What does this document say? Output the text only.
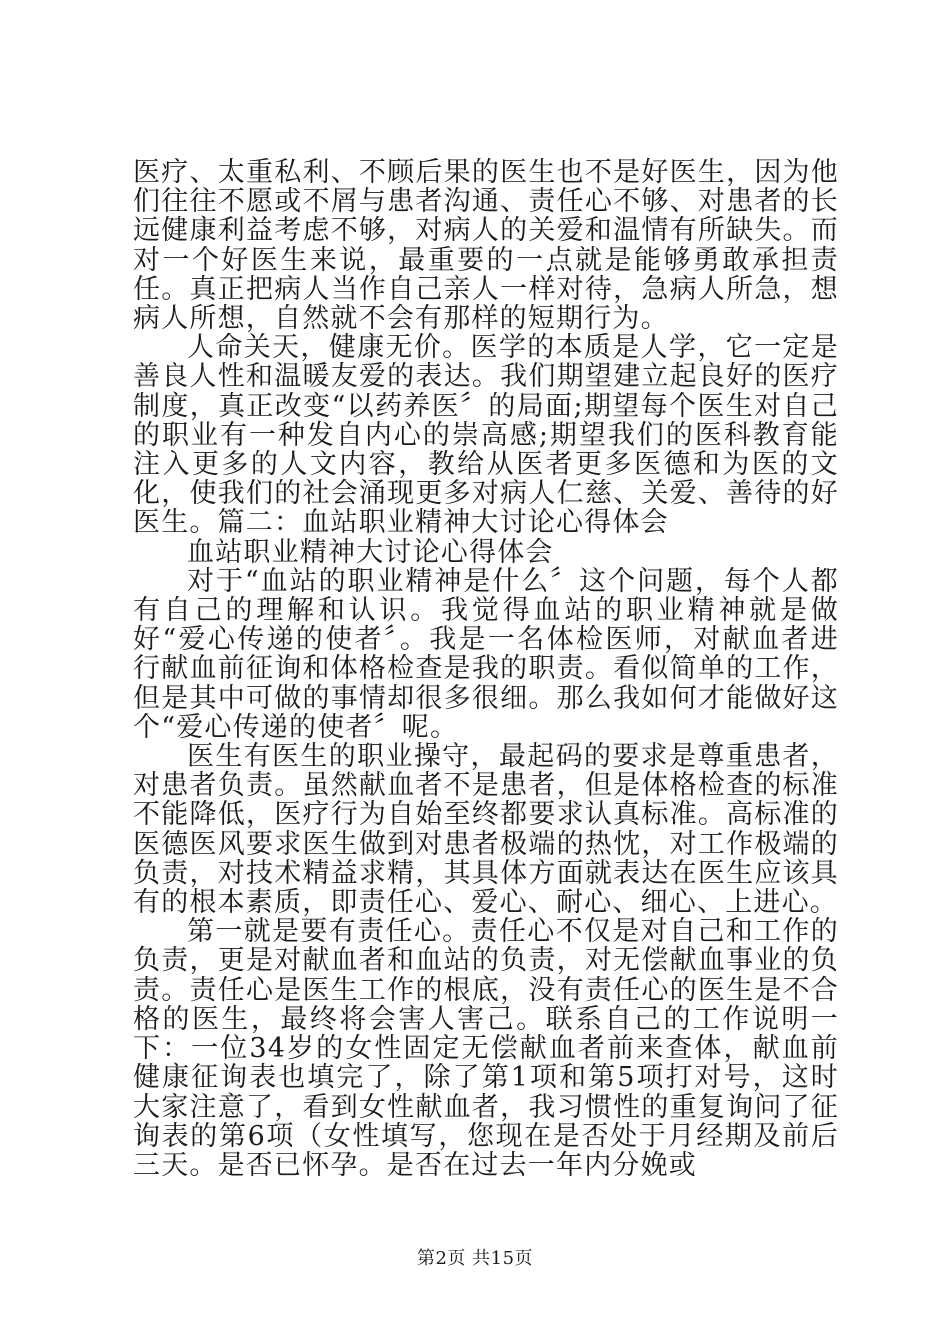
医疗、太重私利、不顾后果的医生也不是好医生，因为他们往往不愿或不屑与患者沟通、责任心不够、对患者的长远健康利益考虑不够，对病人的关爱和温情有所缺失。而对一个好医生来说，最重要的一点就是能够勇敢承担责任。真正把病人当作自己亲人一样对待，急病人所急，想病人所想，自然就不会有那样的短期行为。

人命关天，健康无价。医学的本质是人学，它一定是善良人性和温暖友爱的表达。我们期望建立起良好的医疗制度，真正改变“以药养医〞的局面;期望每个医生对自己的职业有一种发自内心的崇高感;期望我们的医科教育能注入更多的人文内容，教给从医者更多医德和为医的文化，使我们的社会涌现更多对病人仁慈、关爱、善待的好医生。篇二：血站职业精神大讨论心得体会

血站职业精神大讨论心得体会

对于“血站的职业精神是什么〞这个问题，每个人都有自己的理解和认识。我觉得血站的职业精神就是做好“爱心传递的使者〞。我是一名体检医师，对献血者进行献血前征询和体格检查是我的职责。看似简单的工作，但是其中可做的事情却很多很细。那么我如何才能做好这个“爱心传递的使者〞呢。

医生有医生的职业操守，最起码的要求是尊重患者，对患者负责。虽然献血者不是患者，但是体格检查的标准不能降低，医疗行为自始至终都要求认真标准。高标准的医德医风要求医生做到对患者极端的热忱，对工作极端的负责，对技术精益求精，其具体方面就表达在医生应该具有的根本素质，即责任心、爱心、耐心、细心、上进心。

第一就是要有责任心。责任心不仅是对自己和工作的负责，更是对献血者和血站的负责，对无偿献血事业的负责。责任心是医生工作的根底，没有责任心的医生是不合格的医生，最终将会害人害己。联系自己的工作说明一下：一位34岁的女性固定无偿献血者前来查体，献血前健康征询表也填完了，除了第1项和第5项打对号，这时大家注意了，看到女性献血者，我习惯性的重复询问了征询表的第6项（女性填写，您现在是否处于月经期及前后三天。是否已怀孕。是否在过去一年内分娩或

第2页 共15页
